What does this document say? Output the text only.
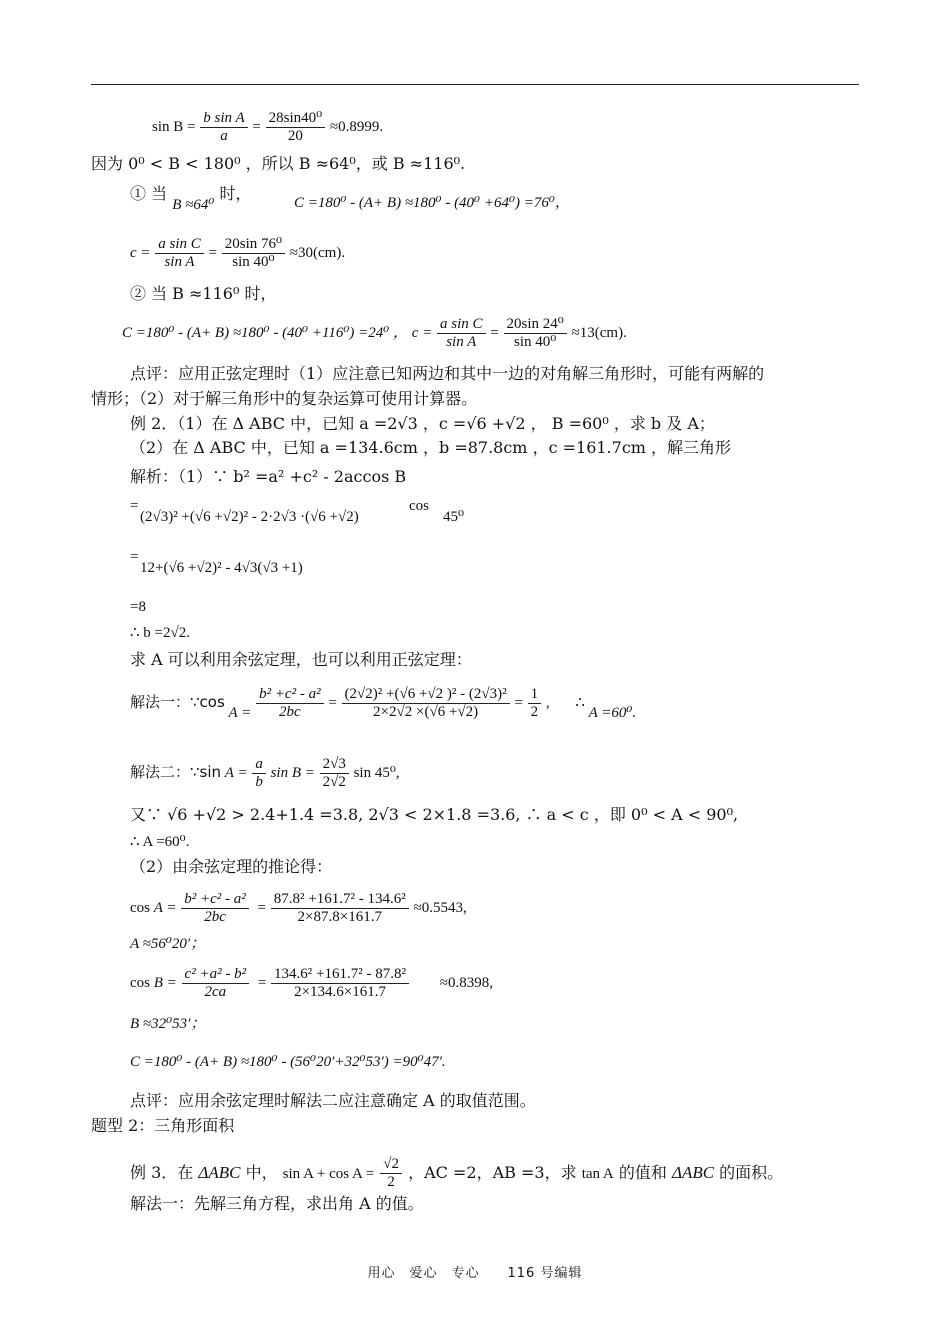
$\sin B = \frac{\text{b sin A}}{a} = \frac{\text{28sin40⁰}}{20} \approx 0.8999$.
因为 0⁰ < B < 180⁰ ，所以 B ≈64⁰，或 B ≈116⁰.
① 当 B ≈64⁰ 时，	C =180⁰ - (A+ B) ≈180⁰ - (40⁰ +64⁰) =76⁰，
$c = \frac{\text{a sin C}}{\text{sin A}} = \frac{\text{20sin 76⁰}}{\text{sin 40⁰}} \approx 30(cm)$.
② 当 B ≈116⁰ 时，
C =180⁰ - (A+ B) ≈180⁰ - (40⁰ +116⁰) =24⁰ ， $c = \frac{\text{a sin C}}{\text{sin A}} = \frac{\text{20sin 24⁰}}{\text{sin 40⁰}} \approx 13(cm)$.
点评：应用正弦定理时（1）应注意已知两边和其中一边的对角解三角形时，可能有两解的
情形；（2）对于解三角形中的复杂运算可使用计算器。
例 2．（1）在 Δ ABC 中，已知 a =2√3 ，c =√6 +√2 ， B =60⁰ ，求 b 及 A；
（2）在 Δ ABC 中，已知 a =134.6cm ，b =87.8cm ，c =161.7cm ，解三角形
解析：（1）∵ b² =a² +c² - 2accos B
=
(2√3)² +(√6 +√2)² - 2·2√3 ·(√6 +√2)
cos
45⁰
=
12+(√6 +√2)² - 4√3(√3 +1)
=8
∴ b =2√2.
求 A 可以利用余弦定理，也可以利用正弦定理：
解法一：∵cos $A = \frac{\text{b² +c² - a²}}{2bc} = \frac{\text{(2√2)² +(√6 +√2 )² - (2√3)²}}{2\times 2√2 \times(√6 +√2)} = \frac{1}{2}$ , ∴ A =60⁰.
解法二：∵sin $A = \frac{a}{b}$ $\sin B = \frac{2√3}{2√2}$ sin 45⁰,
又∵ √6 +√2 > 2.4+1.4 =3.8, 2√3 < 2×1.8 =3.6, ∴ a < c ，即 0⁰ < A < 90⁰,
∴ A =60⁰.
（2）由余弦定理的推论得：
$\cos A = \frac{\text{b² +c² - a²}}{2bc} = \frac{\text{87.8² +161.7² - 134.6²}}{2\times 87.8\times 161.7} \approx 0.5543$,
A ≈56⁰20′；
$\cos B = \frac{\text{c² +a² - b²}}{2ca} = \frac{\text{134.6² +161.7² - 87.8²}}{2\times 134.6\times 161.7} \approx 0.8398$,
B ≈32⁰53′；
C =180⁰ - (A+ B) ≈180⁰ - (56⁰20′+32⁰53′) =90⁰47′.
点评：应用余弦定理时解法二应注意确定 A 的取值范围。
题型 2：三角形面积
例 3．在 ΔABC 中， $\sin A + \cos A = \frac{√2}{2}$ ，AC =2，AB =3，求 tan A 的值和 ΔABC 的面积。
解法一：先解三角方程，求出角 A 的值。
用心　爱心　专心　　116 号编辑
